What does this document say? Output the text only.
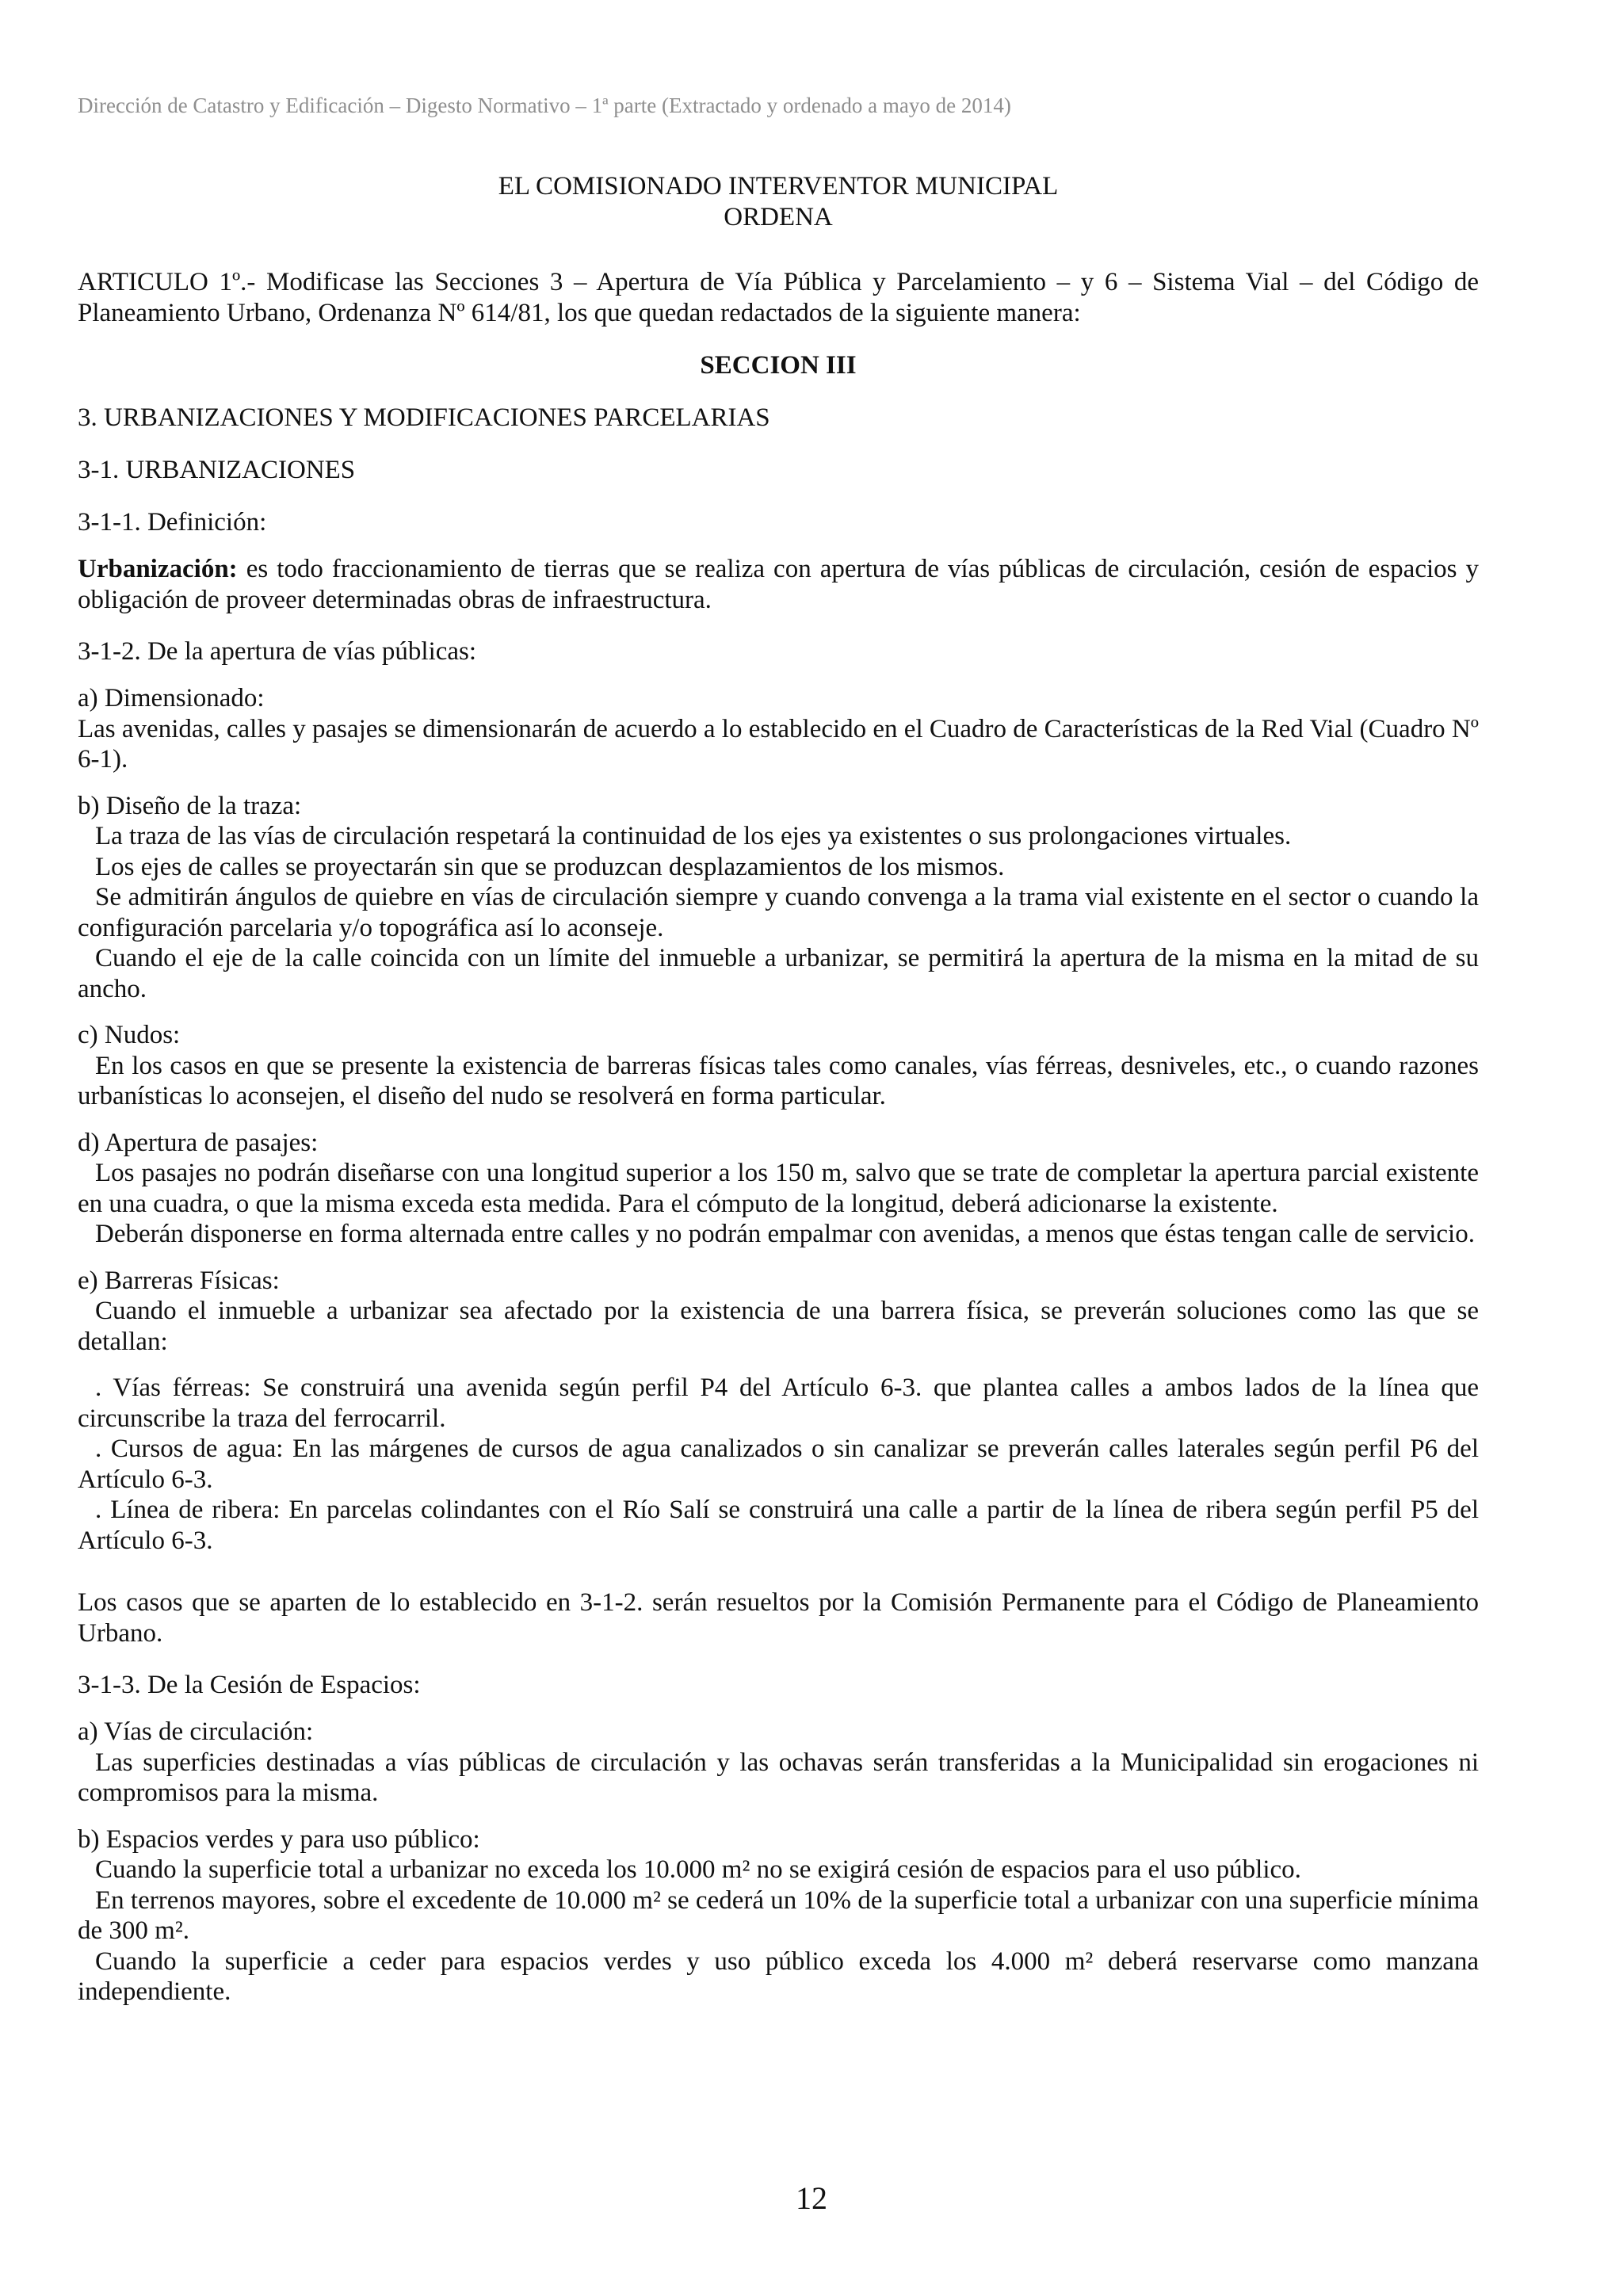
Dirección de Catastro y Edificación – Digesto Normativo – 1ª parte (Extractado y ordenado a mayo de 2014)
EL COMISIONADO INTERVENTOR MUNICIPAL
ORDENA
ARTICULO 1º.- Modificase las Secciones 3 – Apertura de Vía Pública y Parcelamiento – y 6 – Sistema Vial – del Código de Planeamiento Urbano, Ordenanza Nº 614/81, los que quedan redactados de la siguiente manera:
SECCION III
3. URBANIZACIONES Y MODIFICACIONES PARCELARIAS
3-1. URBANIZACIONES
3-1-1. Definición:
Urbanización: es todo fraccionamiento de tierras que se realiza con apertura de vías públicas de circulación, cesión de espacios y obligación de proveer determinadas obras de infraestructura.
3-1-2. De la apertura de vías públicas:
a) Dimensionado:
Las avenidas, calles y pasajes se dimensionarán de acuerdo a lo establecido en el Cuadro de Características de la Red Vial (Cuadro Nº 6-1).
b) Diseño de la traza:
La traza de las vías de circulación respetará la continuidad de los ejes ya existentes o sus prolongaciones virtuales.
Los ejes de calles se proyectarán sin que se produzcan desplazamientos de los mismos.
Se admitirán ángulos de quiebre en vías de circulación siempre y cuando convenga a la trama vial existente en el sector o cuando la configuración parcelaria y/o topográfica así lo aconseje.
Cuando el eje de la calle coincida con un límite del inmueble a urbanizar, se permitirá la apertura de la misma en la mitad de su ancho.
c) Nudos:
En los casos en que se presente la existencia de barreras físicas tales como canales, vías férreas, desniveles, etc., o cuando razones urbanísticas lo aconsejen, el diseño del nudo se resolverá en forma particular.
d) Apertura de pasajes:
Los pasajes no podrán diseñarse con una longitud superior a los 150 m, salvo que se trate de completar la apertura parcial existente en una cuadra, o que la misma exceda esta medida. Para el cómputo de la longitud, deberá adicionarse la existente.
Deberán disponerse en forma alternada entre calles y no podrán empalmar con avenidas, a menos que éstas tengan calle de servicio.
e) Barreras Físicas:
Cuando el inmueble a urbanizar sea afectado por la existencia de una barrera física, se preverán soluciones como las que se detallan:
. Vías férreas: Se construirá una avenida según perfil P4 del Artículo 6-3. que plantea calles a ambos lados de la línea que circunscribe la traza del ferrocarril.
. Cursos de agua: En las márgenes de cursos de agua canalizados o sin canalizar se preverán calles laterales según perfil P6 del Artículo 6-3.
. Línea de ribera: En parcelas colindantes con el Río Salí se construirá una calle a partir de la línea de ribera según perfil P5 del Artículo 6-3.
Los casos que se aparten de lo establecido en 3-1-2. serán resueltos por la Comisión Permanente para el Código de Planeamiento Urbano.
3-1-3. De la Cesión de Espacios:
a) Vías de circulación:
Las superficies destinadas a vías públicas de circulación y las ochavas serán transferidas a la Municipalidad sin erogaciones ni compromisos para la misma.
b) Espacios verdes y para uso público:
Cuando la superficie total a urbanizar no exceda los 10.000 m² no se exigirá cesión de espacios para el uso público.
En terrenos mayores, sobre el excedente de 10.000 m² se cederá un 10% de la superficie total a urbanizar con una superficie mínima de 300 m².
Cuando la superficie a ceder para espacios verdes y uso público exceda los 4.000 m² deberá reservarse como manzana independiente.
12
